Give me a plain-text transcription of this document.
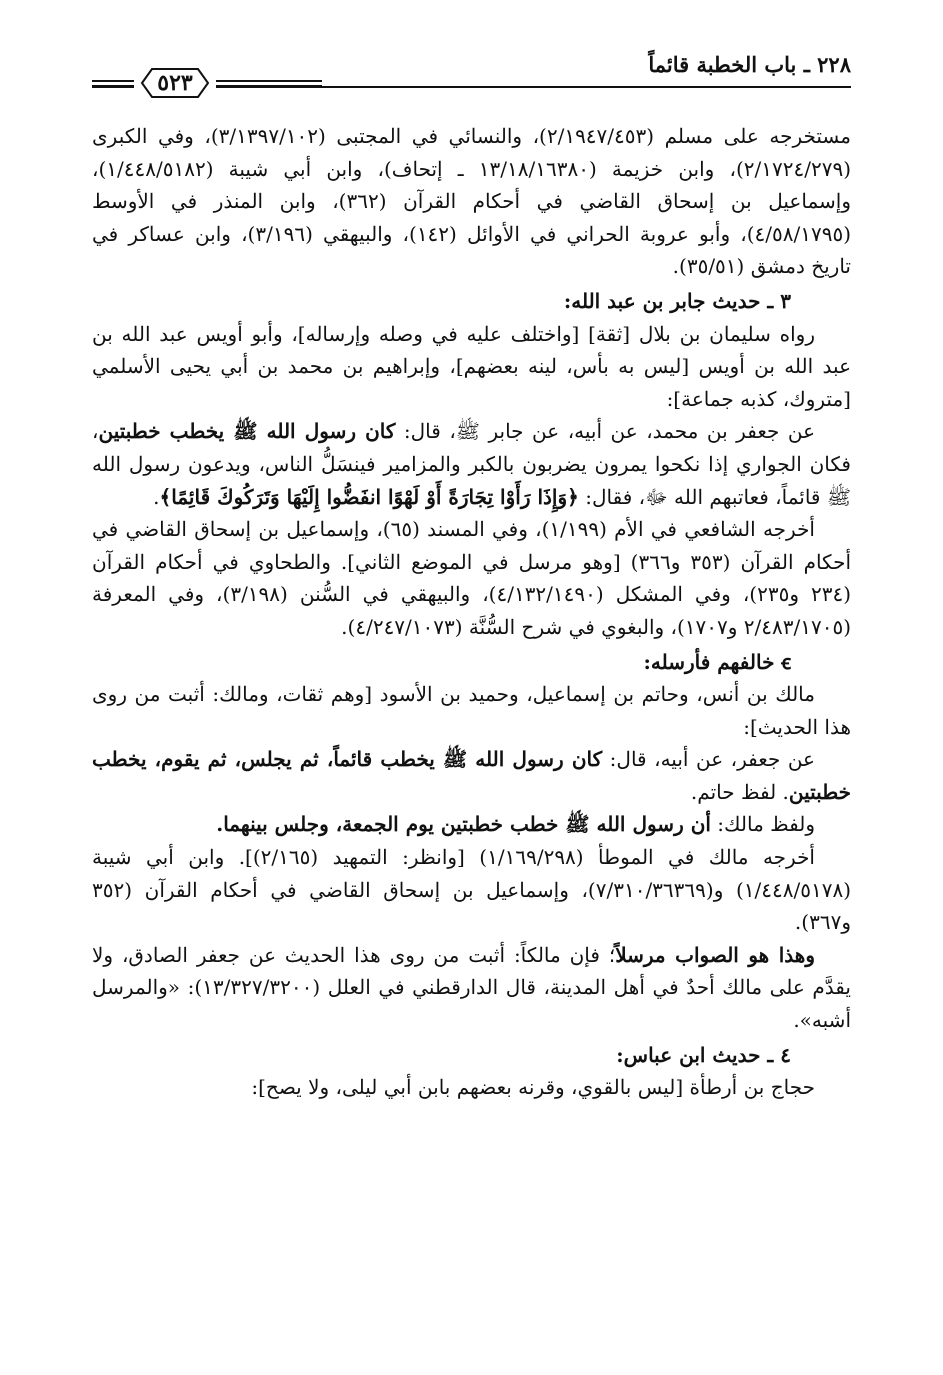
٢٢٨ ـ باب الخطبة قائماً
٥٢٣

مستخرجه على مسلم (٢/١٩٤٧/٤٥٣)، والنسائي في المجتبى (٣/١٣٩٧/١٠٢)، وفي الكبرى (٢/١٧٢٤/٢٧٩)، وابن خزيمة (١٣/١٨/١٦٣٨٠ ـ إتحاف)، وابن أبي شيبة (١/٤٤٨/٥١٨٢)، وإسماعيل بن إسحاق القاضي في أحكام القرآن (٣٦٢)، وابن المنذر في الأوسط (٤/٥٨/١٧٩٥)، وأبو عروبة الحراني في الأوائل (١٤٢)، والبيهقي (٣/١٩٦)، وابن عساكر في تاريخ دمشق (٣٥/٥١).

٣ ـ حديث جابر بن عبد الله:

رواه سليمان بن بلال [ثقة] [واختلف عليه في وصله وإرساله]، وأبو أويس عبد الله بن عبد الله بن أويس [ليس به بأس، لينه بعضهم]، وإبراهيم بن محمد بن أبي يحيى الأسلمي [متروك، كذبه جماعة]:

عن جعفر بن محمد، عن أبيه، عن جابر ﷺ، قال: كان رسول الله ﷺ يخطب خطبتين، فكان الجواري إذا نكحوا يمرون يضربون بالكبر والمزامير فينسَلُّ الناس، ويدعون رسول الله ﷺ قائماً، فعاتبهم الله ﷻ، فقال: ﴿وَإِذَا رَأَوْا تِجَارَةً أَوْ لَهْوًا انفَضُّوا إِلَيْهَا وَتَرَكُوكَ قَائِمًا﴾.

أخرجه الشافعي في الأم (١/١٩٩)، وفي المسند (٦٥)، وإسماعيل بن إسحاق القاضي في أحكام القرآن (٣٥٣ و٣٦٦) [وهو مرسل في الموضع الثاني]. والطحاوي في أحكام القرآن (٢٣٤ و٢٣٥)، وفي المشكل (٤/١٣٢/١٤٩٠)، والبيهقي في السُّنن (٣/١٩٨)، وفي المعرفة (٢/٤٨٣/١٧٠٥ و١٧٠٧)، والبغوي في شرح السُّنَّة (٤/٢٤٧/١٠٧٣).

ꞓ خالفهم فأرسله:

مالك بن أنس، وحاتم بن إسماعيل، وحميد بن الأسود [وهم ثقات، ومالك: أثبت من روى هذا الحديث]:

عن جعفر، عن أبيه، قال: كان رسول الله ﷺ يخطب قائماً، ثم يجلس، ثم يقوم، يخطب خطبتين. لفظ حاتم.

ولفظ مالك: أن رسول الله ﷺ خطب خطبتين يوم الجمعة، وجلس بينهما.

أخرجه مالك في الموطأ (١/١٦٩/٢٩٨) [وانظر: التمهيد (٢/١٦٥)]. وابن أبي شيبة (١/٤٤٨/٥١٧٨) و(٧/٣١٠/٣٦٣٦٩)، وإسماعيل بن إسحاق القاضي في أحكام القرآن (٣٥٢ و٣٦٧).

وهذا هو الصواب مرسلاً؛ فإن مالكاً: أثبت من روى هذا الحديث عن جعفر الصادق، ولا يقدَّم على مالك أحدٌ في أهل المدينة، قال الدارقطني في العلل (١٣/٣٢٧/٣٢٠٠): «والمرسل أشبه».

٤ ـ حديث ابن عباس:

حجاج بن أرطأة [ليس بالقوي، وقرنه بعضهم بابن أبي ليلى، ولا يصح]:
